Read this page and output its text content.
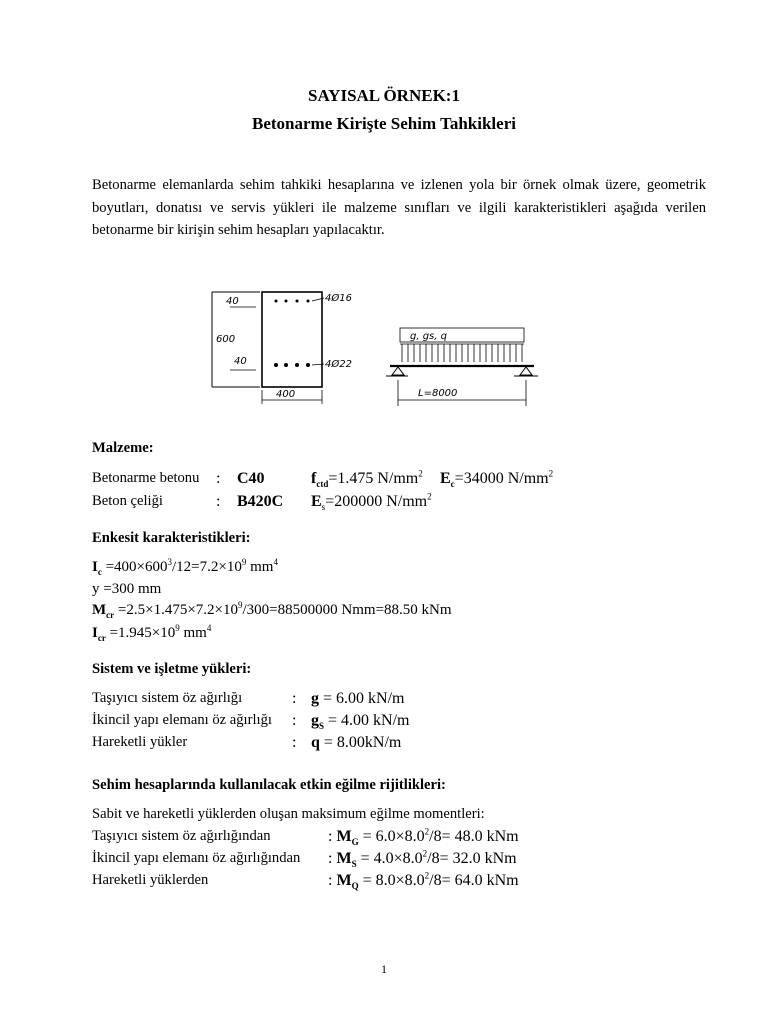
SAYISAL ÖRNEK:1
Betonarme Kirişte Sehim Tahkikleri
Betonarme elemanlarda sehim tahkiki hesaplarına ve izlenen yola bir örnek olmak üzere, geometrik boyutları, donatısı ve servis yükleri ile malzeme sınıfları ve ilgili karakteristikleri aşağıda verilen betonarme bir kirişin sehim hesapları yapılacaktır.
40
600
40
4Ø16
4Ø22
400
g, gs, q
L=8000
Malzeme:
Betonarme betonu : C40	$f_{ctd}=1.475$ $N/mm^2$ $E_c=34000$ $N/mm^2$
Beton çeliği	: B420C $E_s=200000$ $N/mm^2$
Enkesit karakteristikleri:
$I_c =400\times 600^3/12=7.2\times 10^9$ $mm^4$
y =300 mm
$M_{cr} =2.5\times 1.475\times 7.2\times 10^9/300=88500000$ Nmm=88.50 kNm
$I_{cr} =1.945\times 10^9$ $mm^4$
Sistem ve işletme yükleri:
Taşıyıcı sistem öz ağırlığı	: g = 6.00 kN/m
İkincil yapı elemanı öz ağırlığı : $g_S = 4.00$ kN/m
Hareketli yükler	: q = 8.00kN/m
Sehim hesaplarında kullanılacak etkin eğilme rijitlikleri:
Sabit ve hareketli yüklerden oluşan maksimum eğilme momentleri:
Taşıyıcı sistem öz ağırlığından	: $M_G = 6.0\times 8.0^2/8= 48.0$ kNm
İkincil yapı elemanı öz ağırlığından : $M_S = 4.0\times 8.0^2/8= 32.0$ kNm
Hareketli yüklerden	: $M_Q = 8.0\times 8.0^2/8= 64.0$ kNm
1
